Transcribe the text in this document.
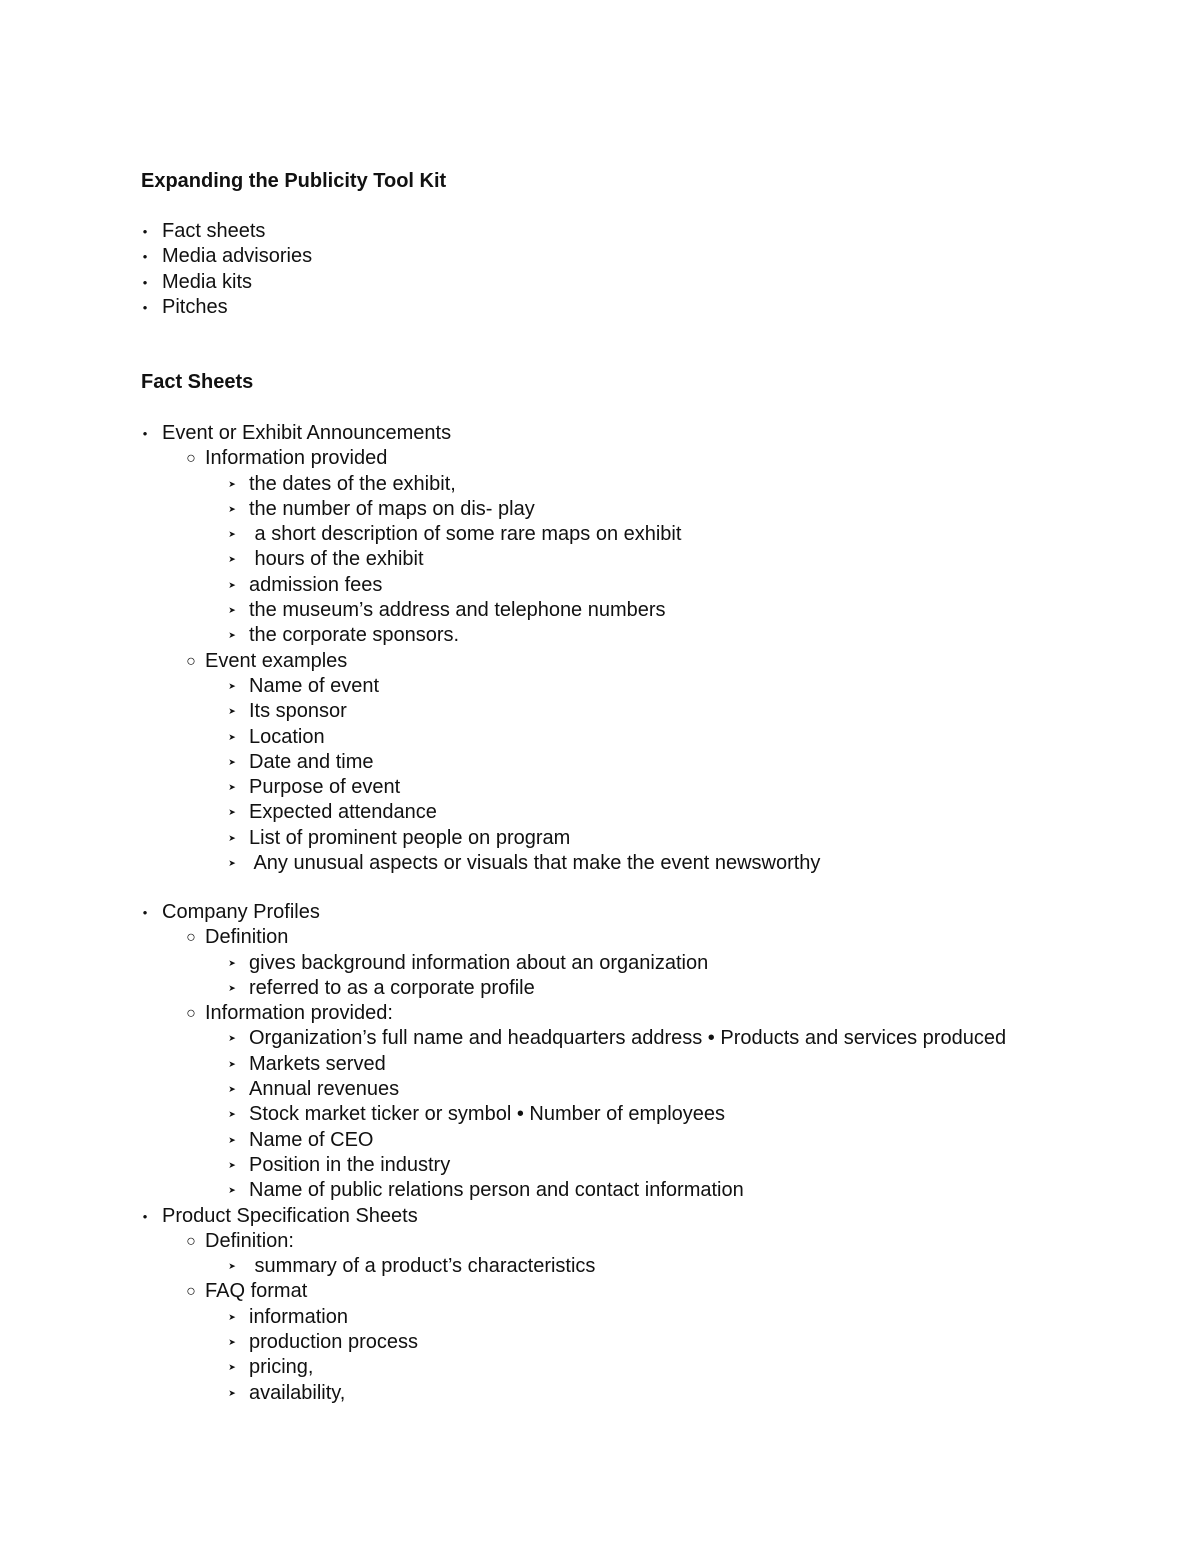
Expanding the Publicity Tool Kit
• Fact sheets
• Media advisories
• Media kits
• Pitches
Fact Sheets
• Event or Exhibit Announcements
○ Information provided
➤ the dates of the exhibit,
➤ the number of maps on dis- play
➤ a short description of some rare maps on exhibit
➤ hours of the exhibit
➤ admission fees
➤ the museum’s address and telephone numbers
➤ the corporate sponsors.
○ Event examples
➤ Name of event
➤ Its sponsor
➤ Location
➤ Date and time
➤ Purpose of event
➤ Expected attendance
➤ List of prominent people on program
➤ Any unusual aspects or visuals that make the event newsworthy
• Company Profiles
○ Definition
➤ gives background information about an organization
➤ referred to as a corporate profile
○ Information provided:
➤ Organization’s full name and headquarters address • Products and services produced
➤ Markets served
➤ Annual revenues
➤ Stock market ticker or symbol • Number of employees
➤ Name of CEO
➤ Position in the industry
➤ Name of public relations person and contact information
• Product Specification Sheets
○ Definition:
➤ summary of a product’s characteristics
○ FAQ format
➤ information
➤ production process
➤ pricing,
➤ availability,
